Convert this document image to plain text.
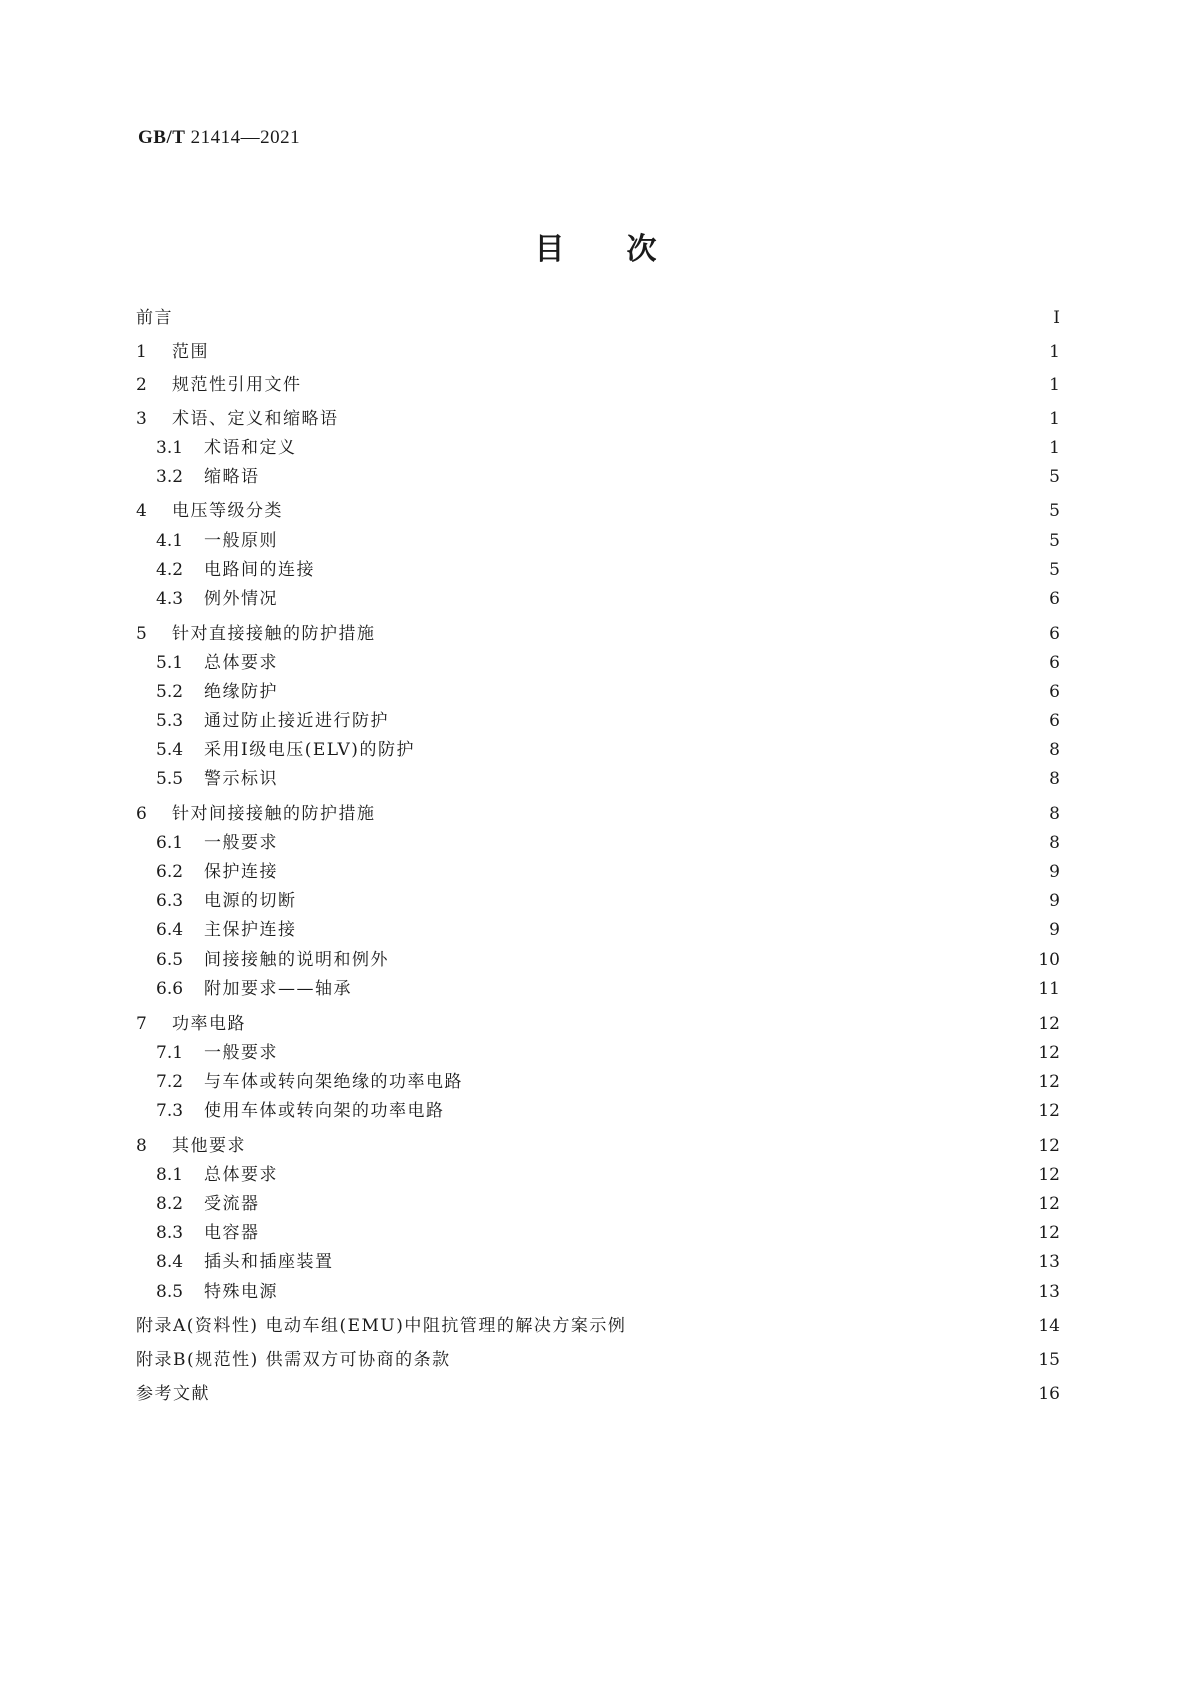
GB/T 21414—2021
目次
前言	Ⅰ
1	范围	1
2	规范性引用文件	1
3	术语、定义和缩略语	1
3.1	术语和定义	1
3.2	缩略语	5
4	电压等级分类	5
4.1	一般原则	5
4.2	电路间的连接	5
4.3	例外情况	6
5	针对直接接触的防护措施	6
5.1	总体要求	6
5.2	绝缘防护	6
5.3	通过防止接近进行防护	6
5.4	采用Ⅰ级电压(ELV)的防护	8
5.5	警示标识	8
6	针对间接接触的防护措施	8
6.1	一般要求	8
6.2	保护连接	9
6.3	电源的切断	9
6.4	主保护连接	9
6.5	间接接触的说明和例外	10
6.6	附加要求——轴承	11
7	功率电路	12
7.1	一般要求	12
7.2	与车体或转向架绝缘的功率电路	12
7.3	使用车体或转向架的功率电路	12
8	其他要求	12
8.1	总体要求	12
8.2	受流器	12
8.3	电容器	12
8.4	插头和插座装置	13
8.5	特殊电源	13
附录A(资料性) 电动车组(EMU)中阻抗管理的解决方案示例	14
附录B(规范性) 供需双方可协商的条款	15
参考文献	16
